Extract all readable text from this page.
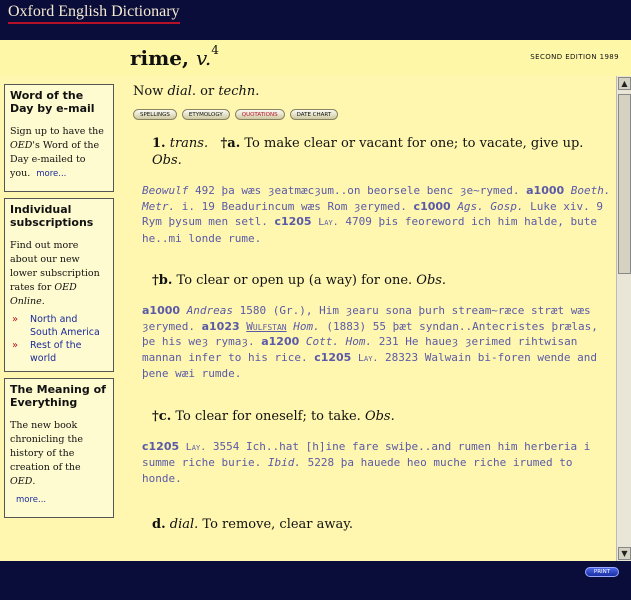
Oxford English Dictionary
rime, v.$^4$	SECOND EDITION 1989
Word of the Day by e-mail

Sign up to have the OED's Word of the Day e-mailed to you. more...

Individual subscriptions

Find out more about our new lower subscription rates for OED Online.

» North and South America
» Rest of the world
The Meaning of Everything

The new book chronicling the history of the creation of the OED.

more...

Now dial. or techn.
SPELLINGS	ETYMOLOGY	QUOTATIONS	DATE CHART
1. trans. †a. To make clear or vacant for one; to vacate, give up. Obs.
Beowulf 492 þa wæs ȝeatmæcȝum..on beorsele benc ȝe~rymed. a1000 Boeth. Metr. i. 19 Beadurincum wæs Rom ȝerymed. c1000 Ags. Gosp. Luke xiv. 9 Rym þysum men setl. c1205 Lay. 4709 þis feoreword ich him halde, bute he..mi londe rume.
†b. To clear or open up (a way) for one. Obs.
a1000 Andreas 1580 (Gr.), Him ȝearu sona þurh stream~ræce stræt wæs ȝerymed. a1023 Wulfstan Hom. (1883) 55 þæt syndan..Antecristes þrælas, þe his weȝ rymaȝ. a1200 Cott. Hom. 231 He haueȝ ȝerimed rihtwisan mannan infer to his rice. c1205 Lay. 28323 Walwain bi-foren wende and þene wæi rumde.
†c. To clear for oneself; to take. Obs.
c1205 Lay. 3554 Ich..hat [h]ine fare swiþe..and rumen him herberia i summe riche burie. Ibid. 5228 þa hauede heo muche riche irumed to honde.
d. dial. To remove, clear away.
▲
▼
PRINT
